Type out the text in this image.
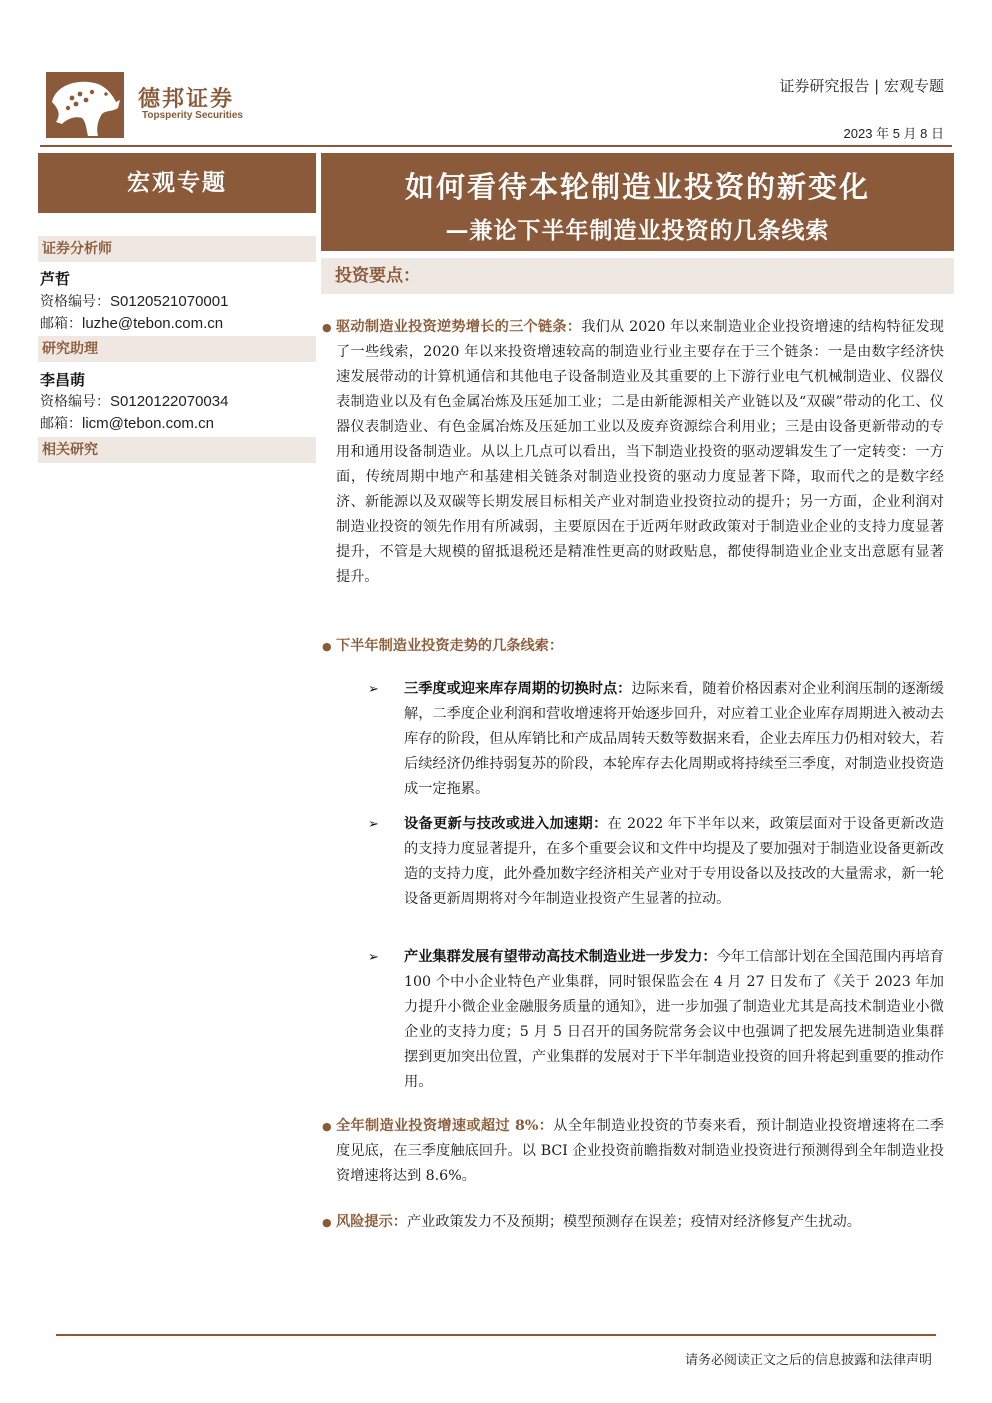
德邦证券
Topsperity Securities
证券研究报告 | 宏观专题
2023 年 5 月 8 日
宏观专题
证券分析师
芦哲
资格编号：S0120521070001
邮箱：luzhe@tebon.com.cn
研究助理
李昌萌
资格编号：S0120122070034
邮箱：licm@tebon.com.cn
相关研究
如何看待本轮制造业投资的新变化
—兼论下半年制造业投资的几条线索
投资要点：
● 驱动制造业投资逆势增长的三个链条：我们从 2020 年以来制造业企业投资增速的结构特征发现了一些线索，2020 年以来投资增速较高的制造业行业主要存在于三个链条：一是由数字经济快速发展带动的计算机通信和其他电子设备制造业及其重要的上下游行业电气机械制造业、仪器仪表制造业以及有色金属冶炼及压延加工业；二是由新能源相关产业链以及“双碳”带动的化工、仪器仪表制造业、有色金属冶炼及压延加工业以及废弃资源综合利用业；三是由设备更新带动的专用和通用设备制造业。从以上几点可以看出，当下制造业投资的驱动逻辑发生了一定转变：一方面，传统周期中地产和基建相关链条对制造业投资的驱动力度显著下降，取而代之的是数字经济、新能源以及双碳等长期发展目标相关产业对制造业投资拉动的提升；另一方面，企业利润对制造业投资的领先作用有所减弱，主要原因在于近两年财政政策对于制造业企业的支持力度显著提升，不管是大规模的留抵退税还是精准性更高的财政贴息，都使得制造业企业支出意愿有显著提升。
● 下半年制造业投资走势的几条线索：
➢ 三季度或迎来库存周期的切换时点：边际来看，随着价格因素对企业利润压制的逐渐缓解，二季度企业利润和营收增速将开始逐步回升，对应着工业企业库存周期进入被动去库存的阶段，但从库销比和产成品周转天数等数据来看，企业去库压力仍相对较大，若后续经济仍维持弱复苏的阶段，本轮库存去化周期或将持续至三季度，对制造业投资造成一定拖累。
➢ 设备更新与技改或进入加速期：在 2022 年下半年以来，政策层面对于设备更新改造的支持力度显著提升，在多个重要会议和文件中均提及了要加强对于制造业设备更新改造的支持力度，此外叠加数字经济相关产业对于专用设备以及技改的大量需求，新一轮设备更新周期将对今年制造业投资产生显著的拉动。
➢ 产业集群发展有望带动高技术制造业进一步发力：今年工信部计划在全国范围内再培育 100 个中小企业特色产业集群，同时银保监会在 4 月 27 日发布了《关于 2023 年加力提升小微企业金融服务质量的通知》，进一步加强了制造业尤其是高技术制造业小微企业的支持力度；5 月 5 日召开的国务院常务会议中也强调了把发展先进制造业集群摆到更加突出位置，产业集群的发展对于下半年制造业投资的回升将起到重要的推动作用。
● 全年制造业投资增速或超过 8%：从全年制造业投资的节奏来看，预计制造业投资增速将在二季度见底，在三季度触底回升。以 BCI 企业投资前瞻指数对制造业投资进行预测得到全年制造业投资增速将达到 8.6%。
● 风险提示：产业政策发力不及预期；模型预测存在误差；疫情对经济修复产生扰动。
请务必阅读正文之后的信息披露和法律声明
